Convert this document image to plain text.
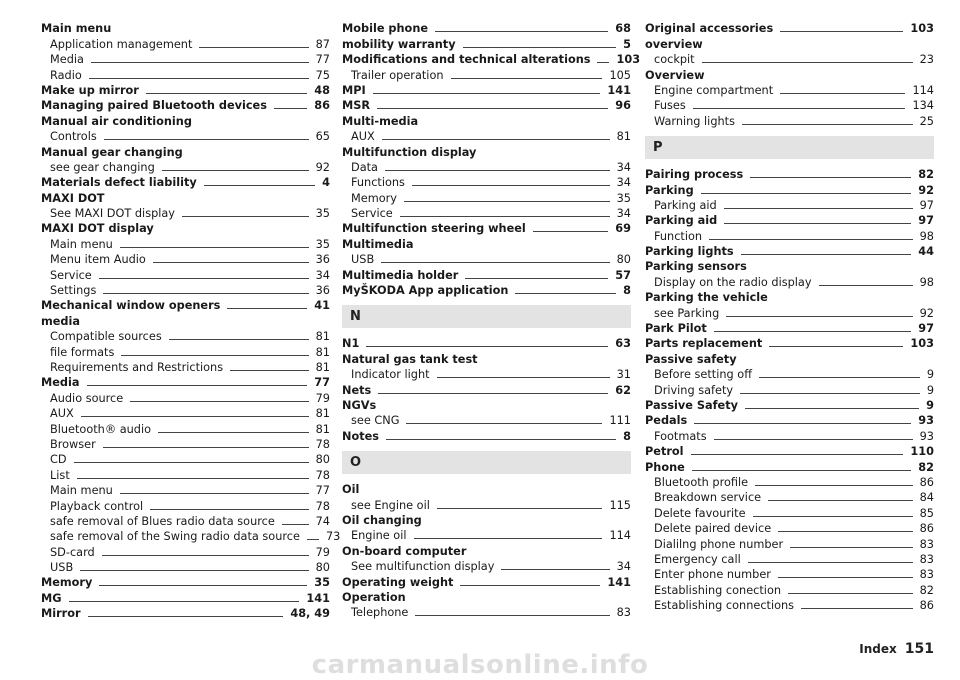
Main menu
Application management	87
Media	77
Radio	75
Make up mirror	48
Managing paired Bluetooth devices	86
Manual air conditioning
Controls	65
Manual gear changing
see gear changing	92
Materials defect liability	4
MAXI DOT
See MAXI DOT display	35
MAXI DOT display
Main menu	35
Menu item Audio	36
Service	34
Settings	36
Mechanical window openers	41
media
Compatible sources	81
file formats	81
Requirements and Restrictions	81
Media	77
Audio source	79
AUX	81
Bluetooth® audio	81
Browser	78
CD	80
List	78
Main menu	77
Playback control	78
safe removal of Blues radio data source	74
safe removal of the Swing radio data source 73
SD-card	79
USB	80
Memory	35
MG	141
Mirror	48, 49
Mobile phone	68
mobility warranty	5
Modifications and technical alterations 103
Trailer operation	105
MPI	141
MSR	96
Multi-media
AUX	81
Multifunction display
Data	34
Functions	34
Memory	35
Service	34
Multifunction steering wheel	69
Multimedia
USB	80
Multimedia holder	57
MyŠKODA App application	8
N
N1	63
Natural gas tank test
Indicator light	31
Nets	62
NGVs
see CNG	111
Notes	8
O
Oil
see Engine oil	115
Oil changing
Engine oil	114
On-board computer
See multifunction display	34
Operating weight	141
Operation
Telephone	83
Original accessories	103
overview
cockpit	23
Overview
Engine compartment	114
Fuses	134
Warning lights	25
P
Pairing process	82
Parking	92
Parking aid	97
Parking aid	97
Function	98
Parking lights	44
Parking sensors
Display on the radio display	98
Parking the vehicle
see Parking	92
Park Pilot	97
Parts replacement	103
Passive safety
Before setting off	9
Driving safety	9
Passive Safety	9
Pedals	93
Footmats	93
Petrol	110
Phone	82
Bluetooth profile	86
Breakdown service	84
Delete favourite	85
Delete paired device	86
Dialilng phone number	83
Emergency call	83
Enter phone number	83
Establishing conection	82
Establishing connections	86
Index 151
carmanualsonline.info
